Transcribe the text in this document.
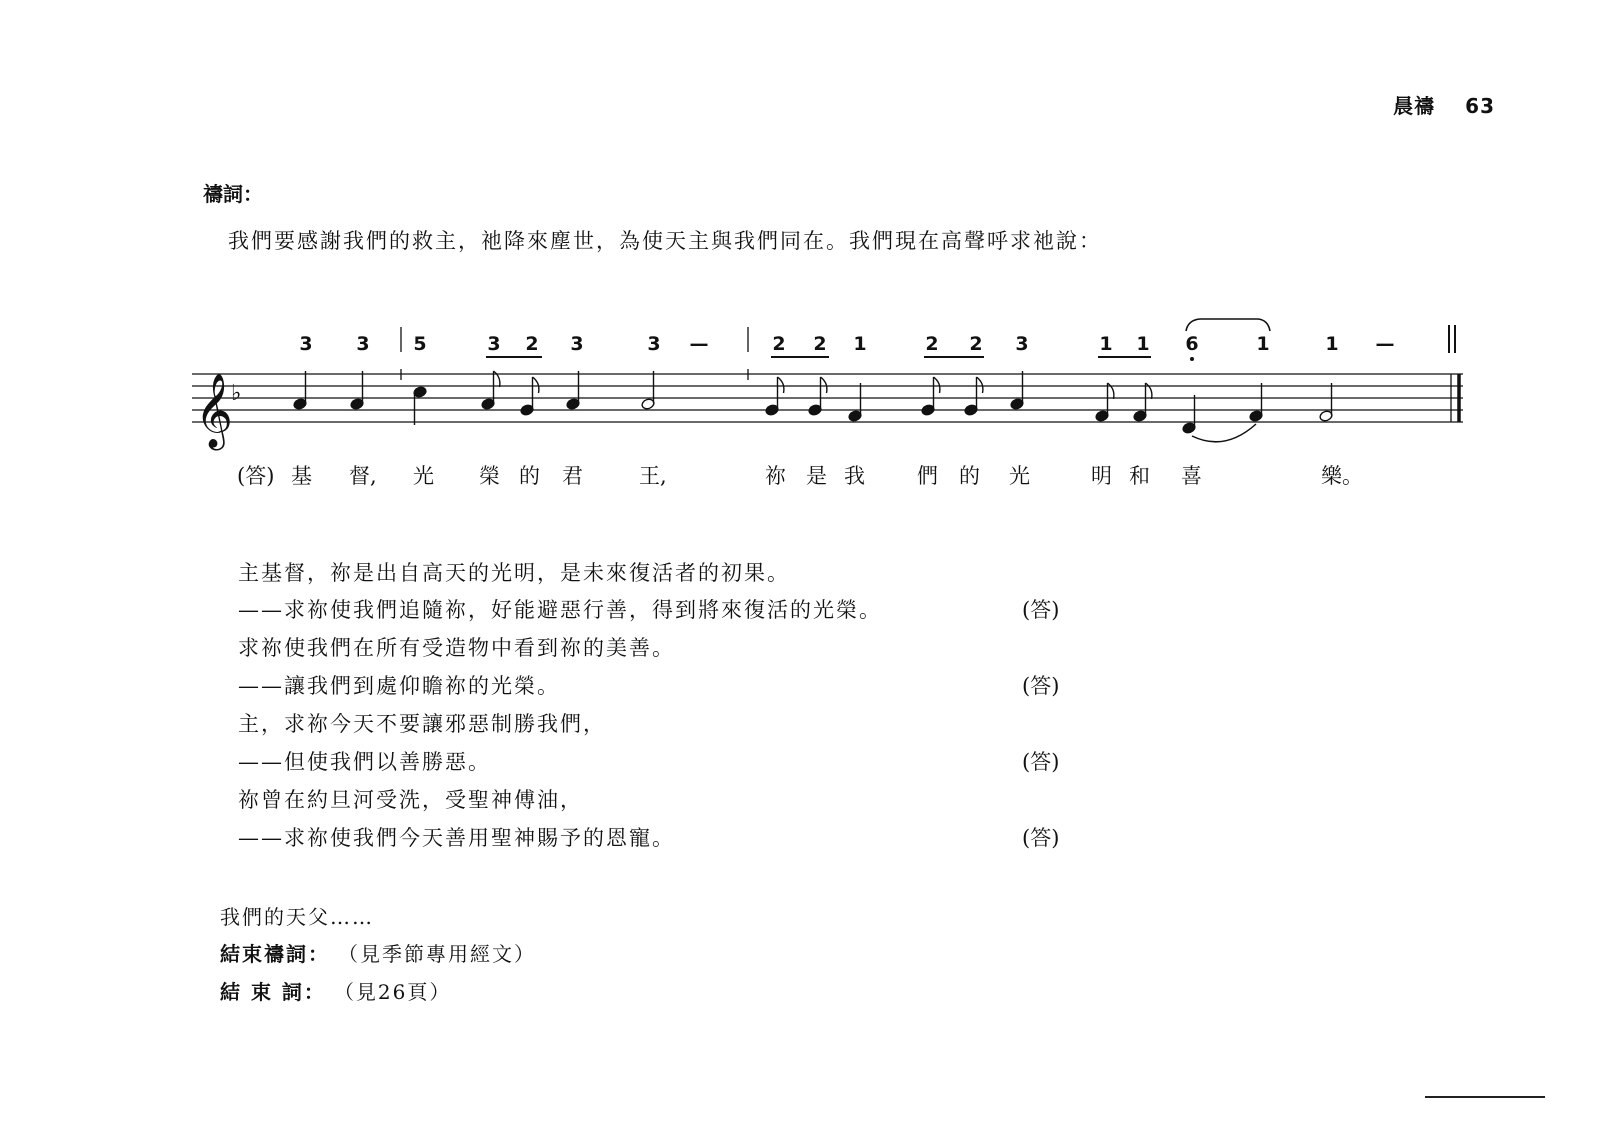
晨禱 63
禱詞：
我們要感謝我們的救主，祂降來塵世，為使天主與我們同在。我們現在高聲呼求祂說：
3 3 5	3 2 3	3 —	2 2 1	2 2 3	1 1 6	1	1 —
𝄞
♭
(答) 基 督, 光 榮 的 君	王,	祢 是 我 們 的 光	明 和 喜	樂。
主基督，祢是出自高天的光明，是未來復活者的初果。
——求祢使我們追隨祢，好能避惡行善，得到將來復活的光榮。	(答)
求祢使我們在所有受造物中看到祢的美善。
——讓我們到處仰瞻祢的光榮。	(答)
主，求祢今天不要讓邪惡制勝我們，
——但使我們以善勝惡。	(答)
祢曾在約旦河受洗，受聖神傅油，
——求祢使我們今天善用聖神賜予的恩寵。	(答)
我們的天父……
結束禱詞： （見季節專用經文）
結 束 詞： （見26頁）
